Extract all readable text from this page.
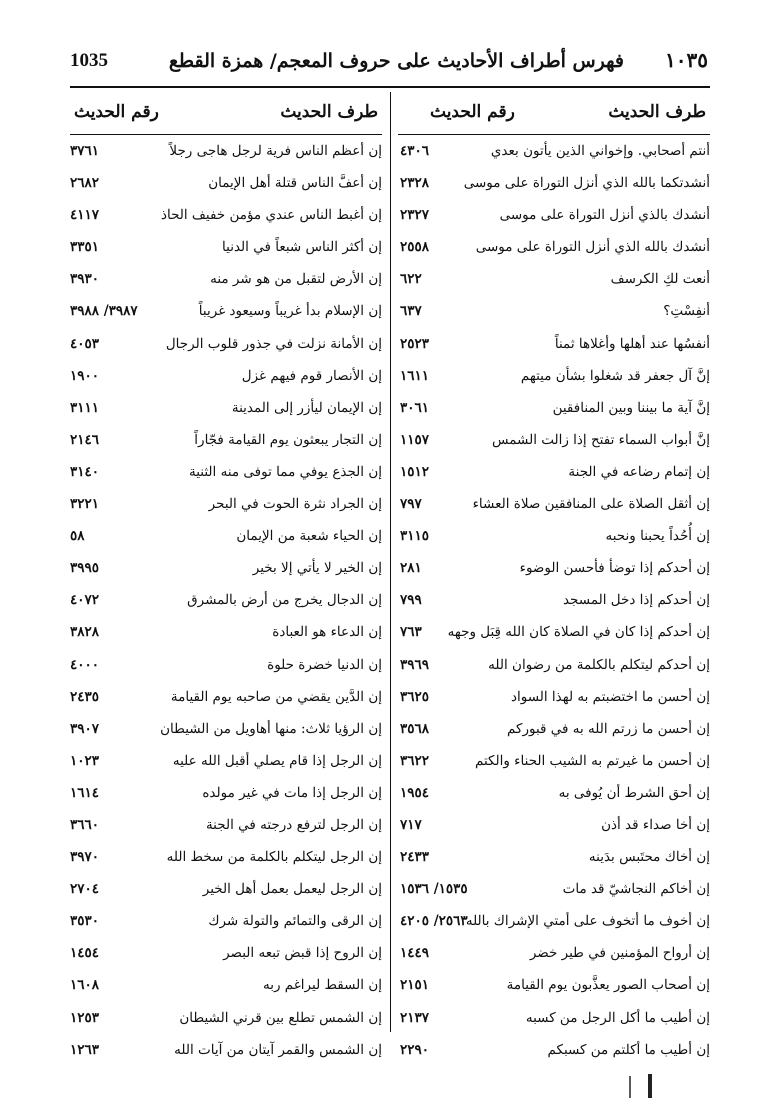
1035	فهرس أطراف الأحاديث على حروف المعجم/ همزة القطع ١٠٣٥
طرف الحديث
رقم الحديث
أنتم أصحابي. وإخواني الذين يأتون بعدي
٤٣٠٦
أنشدتكما بالله الذي أنزل التوراة على موسى
٢٣٢٨
أنشدك بالذي أنزل التوراة على موسى
٢٣٢٧
أنشدك بالله الذي أنزل التوراة على موسى
٢٥٥٨
أنعت لكِ الكرسف
٦٢٢
أنفِسْتِ؟
٦٣٧
أنفسُها عند أهلها وأغلاها ثمناً
٢٥٢٣
إنَّ آل جعفر قد شغلوا بشأن ميتهم
١٦١١
إنَّ آية ما بيننا وبين المنافقين
٣٠٦١
إنَّ أبواب السماء تفتح إذا زالت الشمس
١١٥٧
إن إتمام رضاعه في الجنة
١٥١٢
إن أثقل الصلاة على المنافقين صلاة العشاء
٧٩٧
إن أُحُداً يحبنا ونحبه
٣١١٥
إن أحدكم إذا توضأ فأحسن الوضوء
٢٨١
إن أحدكم إذا دخل المسجد
٧٩٩
إن أحدكم إذا كان في الصلاة كان الله قِبَل وجهه
٧٦٣
إن أحدكم ليتكلم بالكلمة من رضوان الله
٣٩٦٩
إن أحسن ما اختضبتم به لهذا السواد
٣٦٢٥
إن أحسن ما زرتم الله به في قبوركم
٣٥٦٨
إن أحسن ما غيرتم به الشيب الحناء والكتم
٣٦٢٢
إن أحق الشرط أن يُوفى به
١٩٥٤
إن أخا صداء قد أذن
٧١٧
إن أخاك محتَبس بدَينه
٢٤٣٣
إن أخاكم النجاشيّ قد مات
١٥٣٥/ ١٥٣٦
إن أخوف ما أتخوف على أمتي الإشراك بالله
٢٥٦٣/ ٤٢٠٥
إن أرواح المؤمنين في طير خضر
١٤٤٩
إن أصحاب الصور يعذَّبون يوم القيامة
٢١٥١
إن أطيب ما أكل الرجل من كسبه
٢١٣٧
إن أطيب ما أكلتم من كسبكم
٢٢٩٠
طرف الحديث
رقم الحديث
إن أعظم الناس فرية لرجل هاجى رجلاً
٣٧٦١
إن أعفَّ الناس قتلة أهل الإيمان
٢٦٨٢
إن أغبط الناس عندي مؤمن خفيف الحاذ
٤١١٧
إن أكثر الناس شبعاً في الدنيا
٣٣٥١
إن الأرض لتقبل من هو شر منه
٣٩٣٠
إن الإسلام بدأ غريباً وسيعود غريباً
٣٩٨٧/ ٣٩٨٨
إن الأمانة نزلت في جذور قلوب الرجال
٤٠٥٣
إن الأنصار قوم فيهم غزل
١٩٠٠
إن الإيمان ليأزر إلى المدينة
٣١١١
إن التجار يبعثون يوم القيامة فجّاراً
٢١٤٦
إن الجذع يوفي مما توفى منه الثنية
٣١٤٠
إن الجراد نثرة الحوت في البحر
٣٢٢١
إن الحياء شعبة من الإيمان
٥٨
إن الخير لا يأتي إلا بخير
٣٩٩٥
إن الدجال يخرج من أرض بالمشرق
٤٠٧٢
إن الدعاء هو العبادة
٣٨٢٨
إن الدنيا خضرة حلوة
٤٠٠٠
إن الدَّين يقضي من صاحبه يوم القيامة
٢٤٣٥
إن الرؤيا ثلاث: منها أهاويل من الشيطان
٣٩٠٧
إن الرجل إذا قام يصلي أقبل الله عليه
١٠٢٣
إن الرجل إذا مات في غير مولده
١٦١٤
إن الرجل لترفع درجته في الجنة
٣٦٦٠
إن الرجل ليتكلم بالكلمة من سخط الله
٣٩٧٠
إن الرجل ليعمل بعمل أهل الخير
٢٧٠٤
إن الرقى والتمائم والتولة شرك
٣٥٣٠
إن الروح إذا قبض تبعه البصر
١٤٥٤
إن السقط ليراغم ربه
١٦٠٨
إن الشمس تطلع بين قرني الشيطان
١٢٥٣
إن الشمس والقمر آيتان من آيات الله
١٢٦٣
